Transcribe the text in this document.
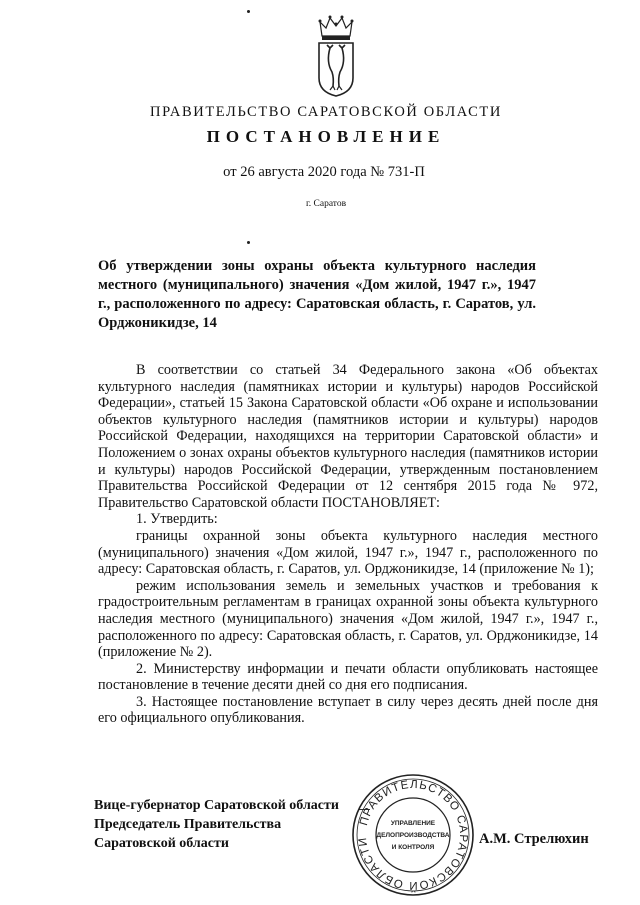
ПРАВИТЕЛЬСТВО САРАТОВСКОЙ ОБЛАСТИ
ПОСТАНОВЛЕНИЕ
от 26 августа 2020 года № 731-П
г. Саратов
Об утверждении зоны охраны объекта культурного наследия местного (муниципального) значения «Дом жилой, 1947 г.», 1947 г., расположенного по адресу: Саратовская область, г. Саратов, ул. Орджоникидзе, 14

В соответствии со статьей 34 Федерального закона «Об объектах культурного наследия (памятниках истории и культуры) народов Российской Федерации», статьей 15 Закона Саратовской области «Об охране и использовании объектов культурного наследия (памятников истории и культуры) народов Российской Федерации, находящихся на территории Саратовской области» и Положением о зонах охраны объектов культурного наследия (памятников истории и культуры) народов Российской Федерации, утвержденным постановлением Правительства Российской Федерации от 12 сентября 2015 года № 972, Правительство Саратовской области ПОСТАНОВЛЯЕТ:

1. Утвердить:

границы охранной зоны объекта культурного наследия местного (муниципального) значения «Дом жилой, 1947 г.», 1947 г., расположенного по адресу: Саратовская область, г. Саратов, ул. Орджоникидзе, 14 (приложение № 1);

режим использования земель и земельных участков и требования к градостроительным регламентам в границах охранной зоны объекта культурного наследия местного (муниципального) значения «Дом жилой, 1947 г.», 1947 г., расположенного по адресу: Саратовская область, г. Саратов, ул. Орджоникидзе, 14 (приложение № 2).

2. Министерству информации и печати области опубликовать настоящее постановление в течение десяти дней со дня его подписания.

3. Настоящее постановление вступает в силу через десять дней после дня его официального опубликования.

Вице-губернатор Саратовской области
Председатель Правительства
Саратовской области
ПРАВИТЕЛЬСТВО САРАТОВСКОЙ ОБЛАСТИ
УПРАВЛЕНИЕ
ДЕЛОПРОИЗВОДСТВА
И КОНТРОЛЯ
А.М. Стрелюхин
